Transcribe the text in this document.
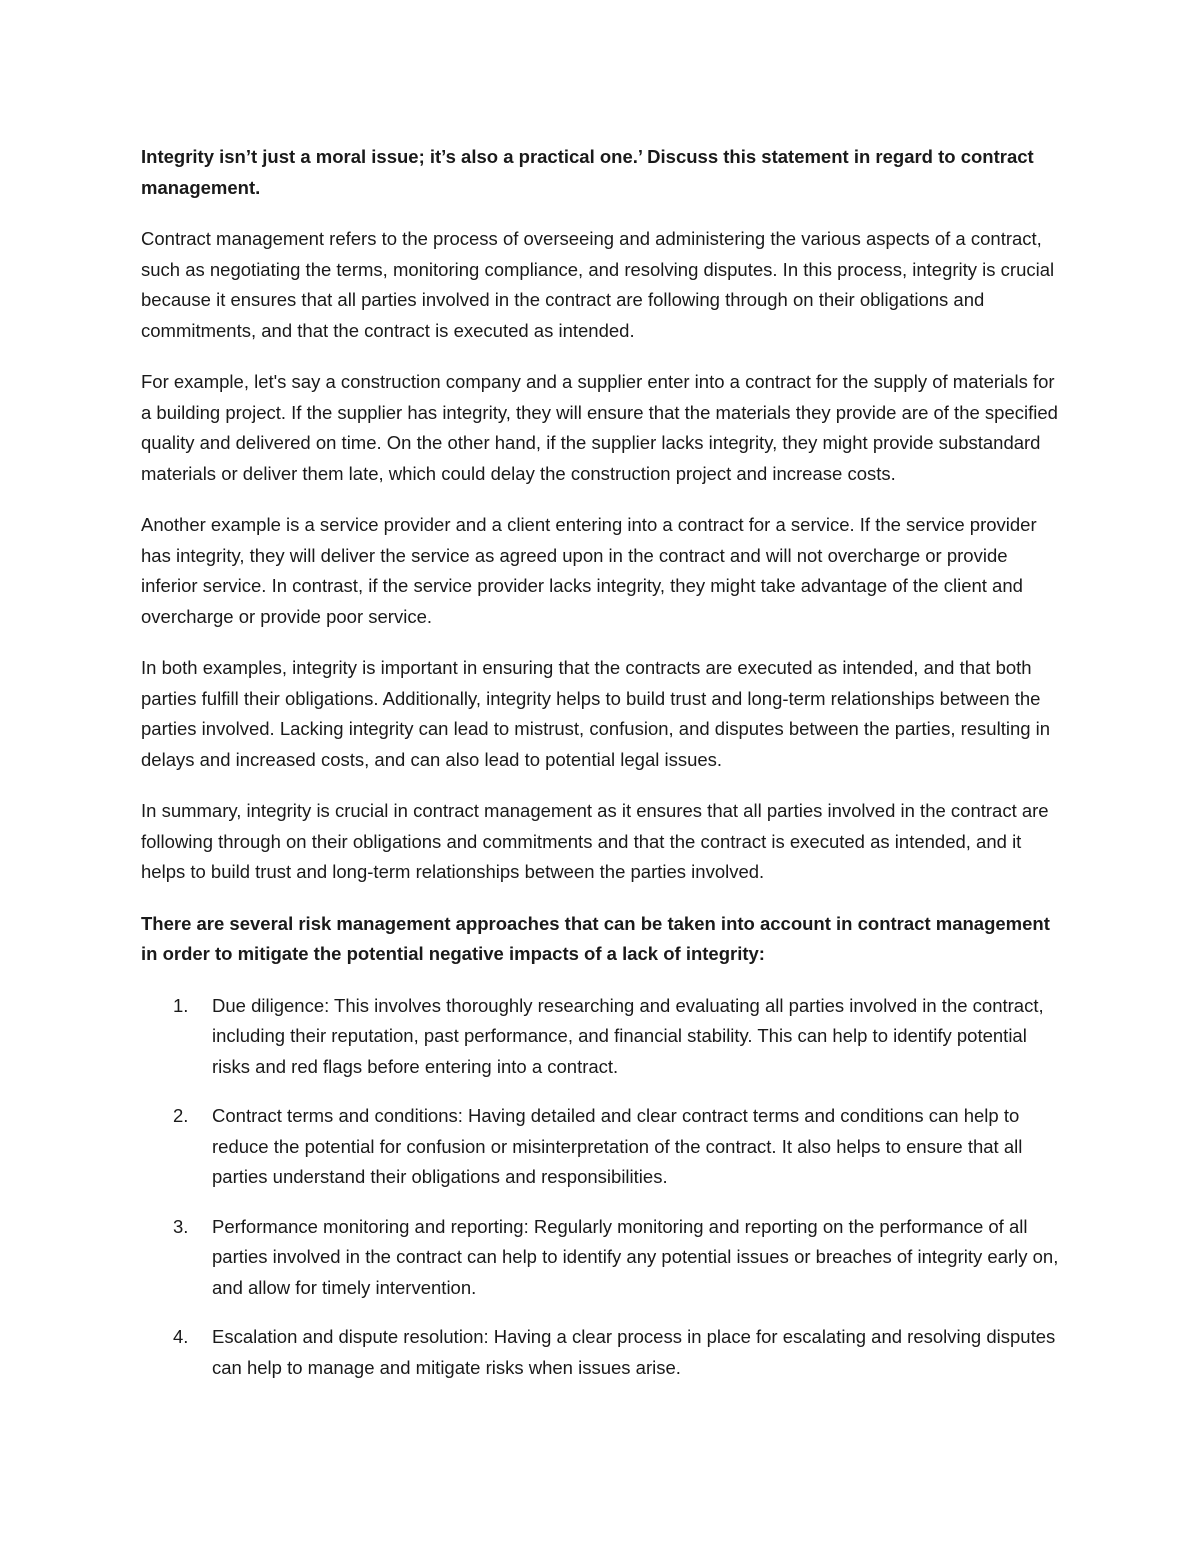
Integrity isn’t just a moral issue; it’s also a practical one.’ Discuss this statement in regard to contract management.

Contract management refers to the process of overseeing and administering the various aspects of a contract, such as negotiating the terms, monitoring compliance, and resolving disputes. In this process, integrity is crucial because it ensures that all parties involved in the contract are following through on their obligations and commitments, and that the contract is executed as intended.

For example, let's say a construction company and a supplier enter into a contract for the supply of materials for a building project. If the supplier has integrity, they will ensure that the materials they provide are of the specified quality and delivered on time. On the other hand, if the supplier lacks integrity, they might provide substandard materials or deliver them late, which could delay the construction project and increase costs.

Another example is a service provider and a client entering into a contract for a service. If the service provider has integrity, they will deliver the service as agreed upon in the contract and will not overcharge or provide inferior service. In contrast, if the service provider lacks integrity, they might take advantage of the client and overcharge or provide poor service.

In both examples, integrity is important in ensuring that the contracts are executed as intended, and that both parties fulfill their obligations. Additionally, integrity helps to build trust and long-term relationships between the parties involved. Lacking integrity can lead to mistrust, confusion, and disputes between the parties, resulting in delays and increased costs, and can also lead to potential legal issues.

In summary, integrity is crucial in contract management as it ensures that all parties involved in the contract are following through on their obligations and commitments and that the contract is executed as intended, and it helps to build trust and long-term relationships between the parties involved.

There are several risk management approaches that can be taken into account in contract management in order to mitigate the potential negative impacts of a lack of integrity:

1. Due diligence: This involves thoroughly researching and evaluating all parties involved in the contract, including their reputation, past performance, and financial stability. This can help to identify potential risks and red flags before entering into a contract.
2. Contract terms and conditions: Having detailed and clear contract terms and conditions can help to reduce the potential for confusion or misinterpretation of the contract. It also helps to ensure that all parties understand their obligations and responsibilities.
3. Performance monitoring and reporting: Regularly monitoring and reporting on the performance of all parties involved in the contract can help to identify any potential issues or breaches of integrity early on, and allow for timely intervention.
4. Escalation and dispute resolution: Having a clear process in place for escalating and resolving disputes can help to manage and mitigate risks when issues arise.
